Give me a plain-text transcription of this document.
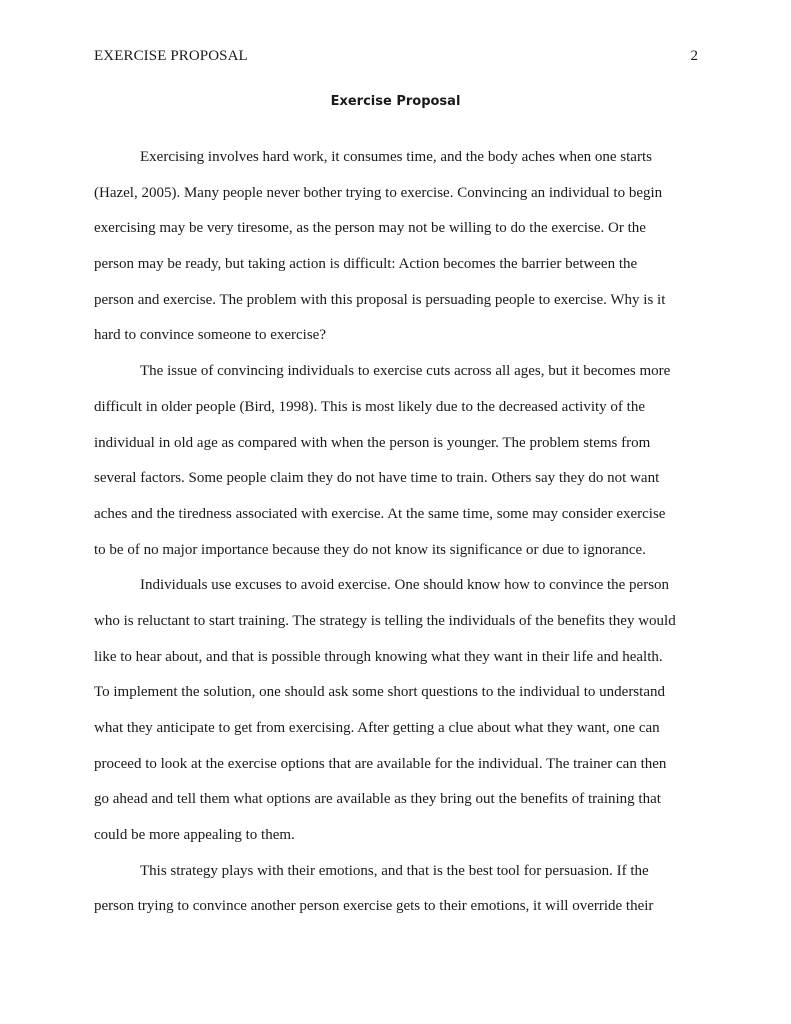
EXERCISE PROPOSAL	2
Exercise Proposal
Exercising involves hard work, it consumes time, and the body aches when one starts
(Hazel, 2005). Many people never bother trying to exercise. Convincing an individual to begin
exercising may be very tiresome, as the person may not be willing to do the exercise. Or the
person may be ready, but taking action is difficult: Action becomes the barrier between the
person and exercise. The problem with this proposal is persuading people to exercise. Why is it
hard to convince someone to exercise?
The issue of convincing individuals to exercise cuts across all ages, but it becomes more
difficult in older people (Bird, 1998). This is most likely due to the decreased activity of the
individual in old age as compared with when the person is younger. The problem stems from
several factors. Some people claim they do not have time to train. Others say they do not want
aches and the tiredness associated with exercise. At the same time, some may consider exercise
to be of no major importance because they do not know its significance or due to ignorance.
Individuals use excuses to avoid exercise. One should know how to convince the person
who is reluctant to start training. The strategy is telling the individuals of the benefits they would
like to hear about, and that is possible through knowing what they want in their life and health.
To implement the solution, one should ask some short questions to the individual to understand
what they anticipate to get from exercising. After getting a clue about what they want, one can
proceed to look at the exercise options that are available for the individual. The trainer can then
go ahead and tell them what options are available as they bring out the benefits of training that
could be more appealing to them.
This strategy plays with their emotions, and that is the best tool for persuasion. If the
person trying to convince another person exercise gets to their emotions, it will override their
